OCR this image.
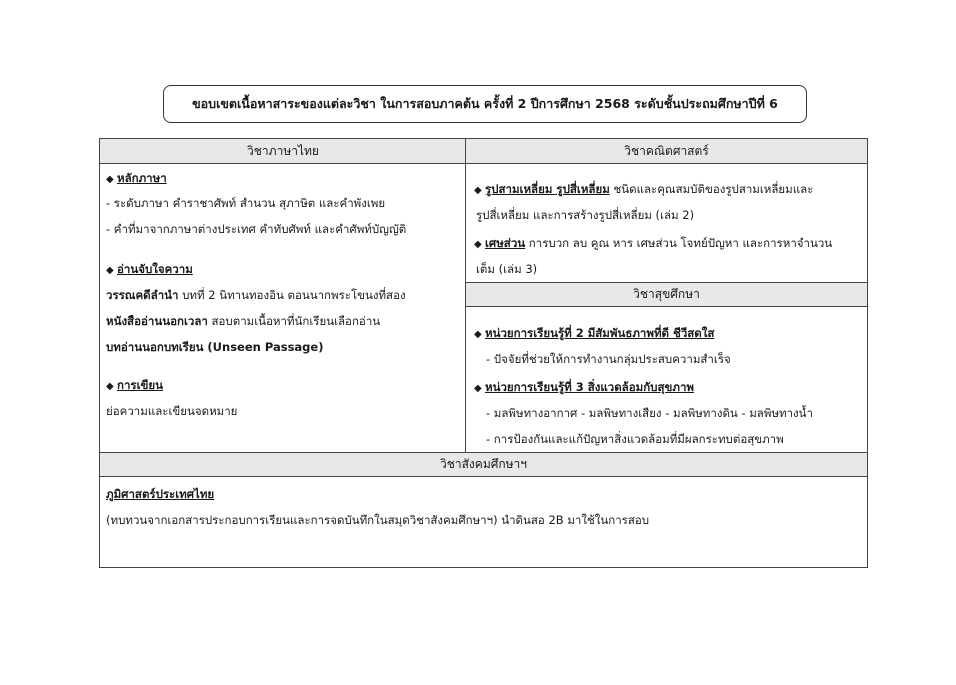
ขอบเขตเนื้อหาสาระของแต่ละวิชา ในการสอบภาคต้น ครั้งที่ 2 ปีการศึกษา 2568 ระดับชั้นประถมศึกษาปีที่ 6
วิชาภาษาไทย	วิชาคณิตศาสตร์
วิชาสุขศึกษา
วิชาสังคมศึกษาฯ
◆ หลักภาษา
- ระดับภาษา คำราชาศัพท์ สำนวน สุภาษิต และคำพังเพย
- คำที่มาจากภาษาต่างประเทศ คำทับศัพท์ และคำศัพท์บัญญัติ
◆ อ่านจับใจความ
วรรณคดีลำนำ บทที่ 2 นิทานทองอิน ตอนนากพระโขนงที่สอง
หนังสืออ่านนอกเวลา สอบตามเนื้อหาที่นักเรียนเลือกอ่าน
บทอ่านนอกบทเรียน (Unseen Passage)
◆ การเขียน
ย่อความและเขียนจดหมาย
◆ รูปสามเหลี่ยม รูปสี่เหลี่ยม ชนิดและคุณสมบัติของรูปสามเหลี่ยมและ
รูปสี่เหลี่ยม และการสร้างรูปสี่เหลี่ยม (เล่ม 2)
◆ เศษส่วน การบวก ลบ คูณ หาร เศษส่วน โจทย์ปัญหา และการหาจำนวน
เต็ม (เล่ม 3)
◆ หน่วยการเรียนรู้ที่ 2 มีสัมพันธภาพที่ดี ชีวีสดใส
- ปัจจัยที่ช่วยให้การทำงานกลุ่มประสบความสำเร็จ
◆ หน่วยการเรียนรู้ที่ 3 สิ่งแวดล้อมกับสุขภาพ
- มลพิษทางอากาศ - มลพิษทางเสียง - มลพิษทางดิน - มลพิษทางน้ำ
- การป้องกันและแก้ปัญหาสิ่งแวดล้อมที่มีผลกระทบต่อสุขภาพ
ภูมิศาสตร์ประเทศไทย
(ทบทวนจากเอกสารประกอบการเรียนและการจดบันทึกในสมุดวิชาสังคมศึกษาฯ) นำดินสอ 2B มาใช้ในการสอบ
